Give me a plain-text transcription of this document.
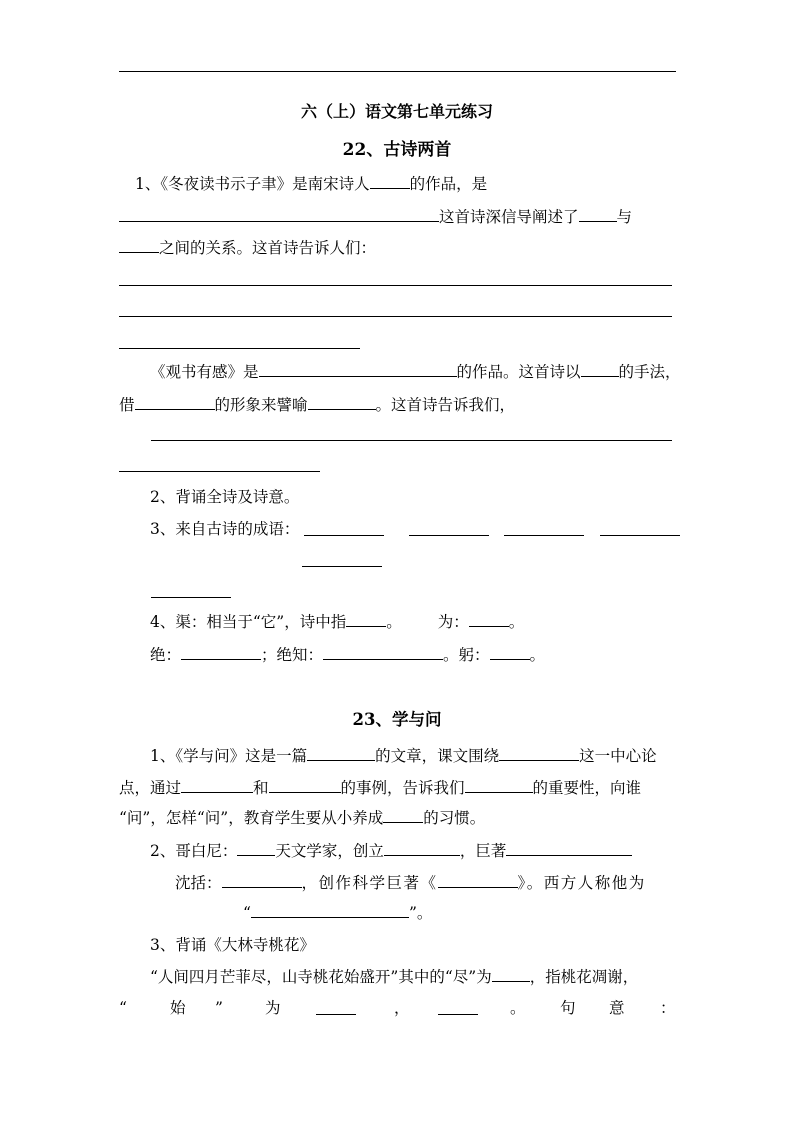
六（上）语文第七单元练习
22、古诗两首
1、《冬夜读书示子聿》是南宋诗人	的作品，是
这首诗深信导阐述了 与
之间的关系。这首诗告诉人们：
《观书有感》是	的作品。这首诗以 的手法，
借	的形象来譬喻	。这首诗告诉我们，
2、背诵全诗及诗意。
3、来自古诗的成语：
4、渠：相当于“它”，诗中指	。 为：	。
绝：	；绝知：	。躬：	。
23、学与问
1、《学与问》这是一篇	的文章，课文围绕	这一中心论
点，通过	和	的事例，告诉我们	的重要性，向谁
“问”，怎样“问”，教育学生要从小养成	的习惯。
2、哥白尼： 天文学家，创立	，巨著
沈括：	，创作科学巨著《	》。西方人称他为
“	”。
3、背诵《大林寺桃花》
“人间四月芒菲尽，山寺桃花始盛开”其中的“尽”为 ，指桃花凋谢，
“	始 ”	为	，	。 句 意 ：
